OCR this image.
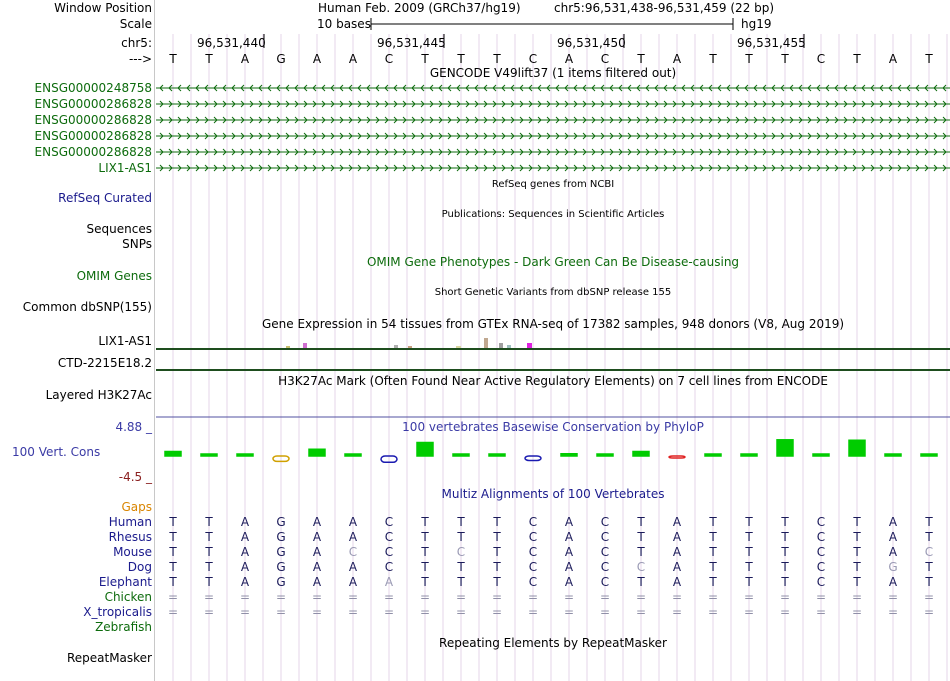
Window Position
Scale
chr5:
--->
Human Feb. 2009 (GRCh37/hg19)	chr5:96,531,438-96,531,459 (22 bp)
10 bases	hg19
96,531,440	96,531,445	96,531,450	96,531,455
T	T	A	G	A	A	C	T	T	T	C	A	C	T	A	T	T	T	C	T	A	T
GENCODE V49lift37 (1 items filtered out)
ENSG00000248758
ENSG00000286828
ENSG00000286828
ENSG00000286828
ENSG00000286828
LIX1-AS1
RefSeq genes from NCBI
RefSeq Curated
Publications: Sequences in Scientific Articles
Sequences
SNPs
OMIM Gene Phenotypes - Dark Green Can Be Disease-causing
OMIM Genes
Short Genetic Variants from dbSNP release 155
Common dbSNP(155)
Gene Expression in 54 tissues from GTEx RNA-seq of 17382 samples, 948 donors (V8, Aug 2019)
LIX1-AS1
CTD-2215E18.2
H3K27Ac Mark (Often Found Near Active Regulatory Elements) on 7 cell lines from ENCODE
Layered H3K27Ac
100 vertebrates Basewise Conservation by PhyloP
4.88 _
100 Vert. Cons
-4.5 _
Multiz Alignments of 100 Vertebrates
Gaps
Human	T	T	A	G	A	A	C	T	T	T	C	A	C	T	A	T	T	T	C	T	A	T
Rhesus	T	T	A	G	A	A	C	T	T	T	C	A	C	T	A	T	T	T	C	T	A	T
Mouse	T	T	A	G	A	C	C	T	C	T	C	A	C	T	A	T	T	T	C	T	A	C
Dog	T	T	A	G	A	A	C	T	T	T	C	A	C	C	A	T	T	T	C	T	G	T
Elephant	T	T	A	G	A	A	A	T	T	T	C	A	C	T	A	T	T	T	C	T	A	T
Chicken	=	=	=	=	=	=	=	=	=	=	=	=	=	=	=	=	=	=	=	=	=	=
X_tropicalis	=	=	=	=	=	=	=	=	=	=	=	=	=	=	=	=	=	=	=	=	=	=
Zebrafish
Repeating Elements by RepeatMasker
RepeatMasker
